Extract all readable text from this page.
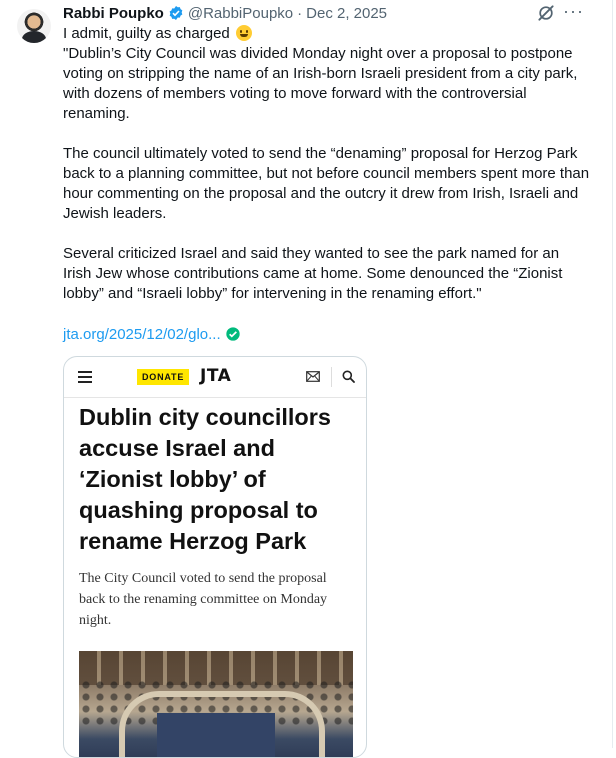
Rabbi Poupko @RabbiPoupko · Dec 2, 2025	···

I admit, guilty as charged

"Dublin’s City Council was divided Monday night over a proposal to postpone voting on stripping the name of an Irish-born Israeli president from a city park, with dozens of members voting to move forward with the controversial renaming.

The council ultimately voted to send the “denaming” proposal for Herzog Park back to a planning committee, but not before council members spent more than hour commenting on the proposal and the outcry it drew from Irish, Israeli and Jewish leaders.

Several criticized Israel and said they wanted to see the park named for an Irish Jew whose contributions came at home. Some denounced the “Zionist lobby” and “Israeli lobby” for intervening in the renaming effort."

jta.org/2025/12/02/glo...
DONATE JTA
Dublin city councillors accuse Israel and ‘Zionist lobby’ of quashing proposal to rename Herzog Park

The City Council voted to send the proposal back to the renaming committee on Monday night.
